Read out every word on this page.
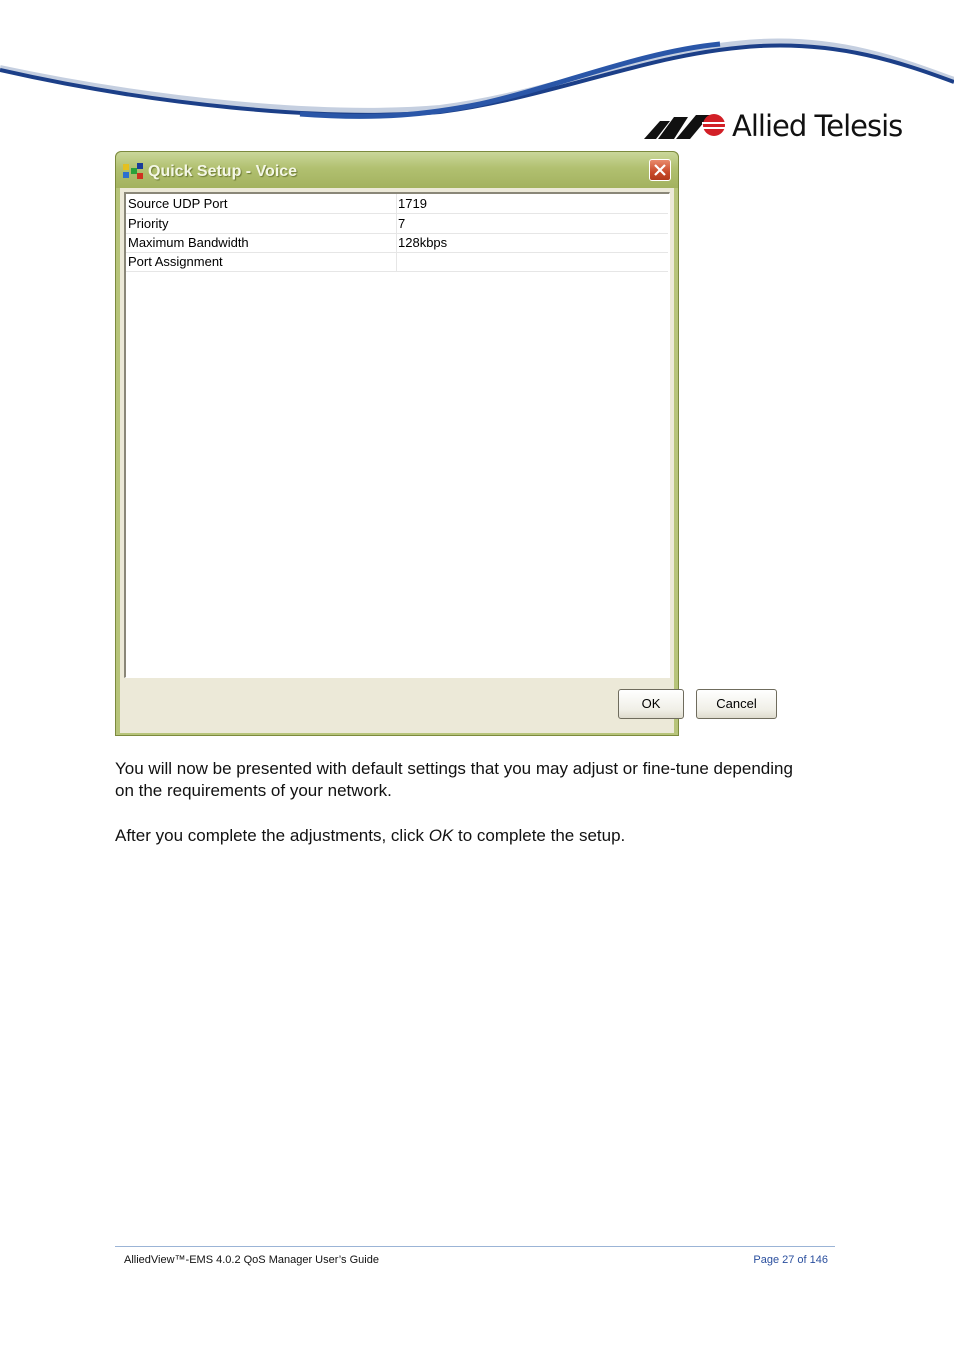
Allied Telesis
Quick Setup - Voice
Source UDP Port	1719
Priority	7
Maximum Bandwidth	128kbps
Port Assignment
OK	Cancel
You will now be presented with default settings that you may adjust or fine-tune depending
on the requirements of your network.
After you complete the adjustments, click OK to complete the setup.
AlliedView™-EMS 4.0.2 QoS Manager User’s Guide	Page 27 of 146
